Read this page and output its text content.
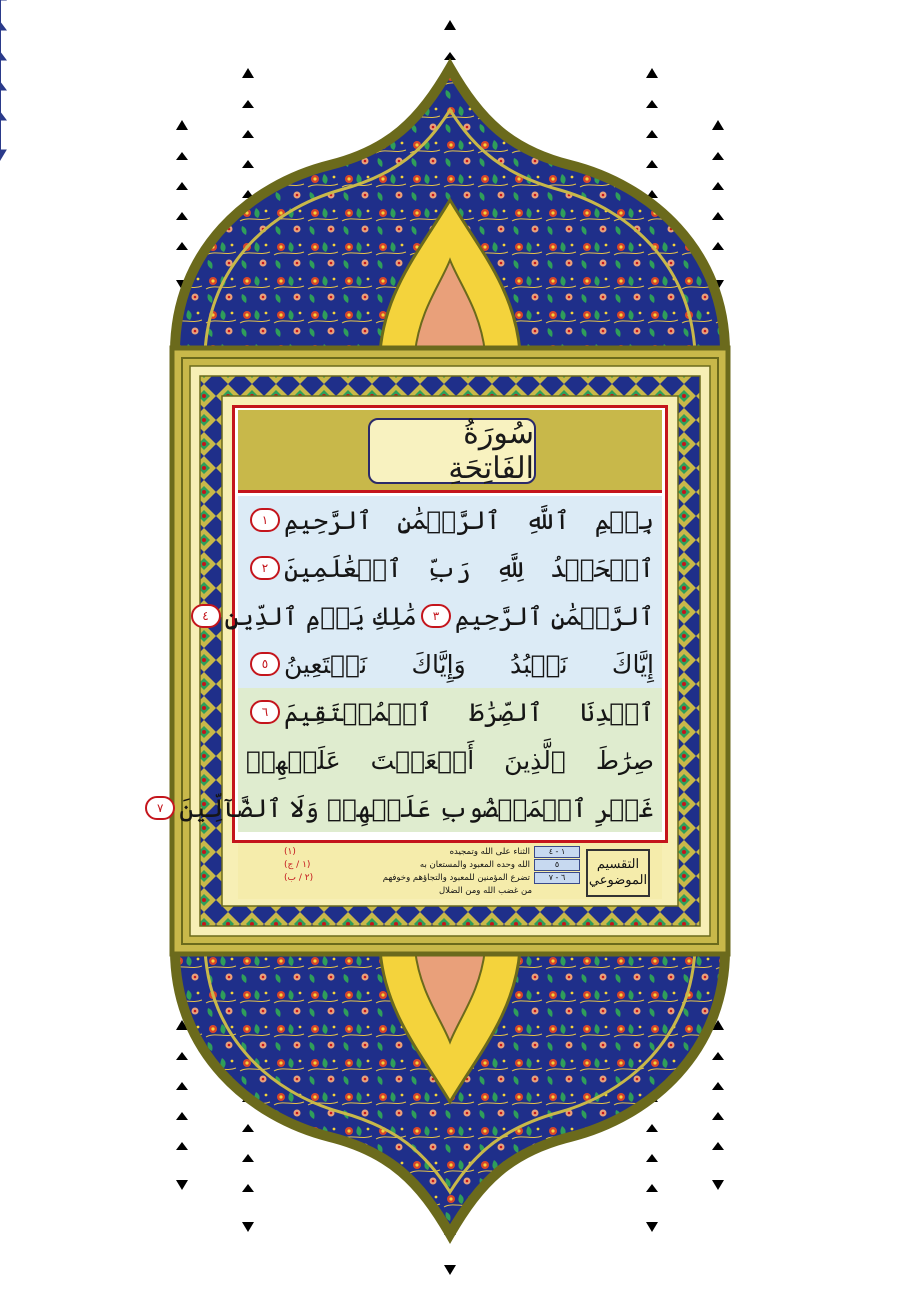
سُورَةُ الفَاتِحَةِ
بِسۡمِ ٱللَّهِ ٱلرَّحۡمَٰنِ ٱلرَّحِيمِ
١
ٱلۡحَمۡدُ لِلَّهِ رَبِّ ٱلۡعَٰلَمِينَ
٢
ٱلرَّحۡمَٰنِ ٱلرَّحِيمِ
٣
مَٰلِكِ يَوۡمِ ٱلدِّينِ
٤
إِيَّاكَ نَعۡبُدُ وَإِيَّاكَ نَسۡتَعِينُ
٥
ٱهۡدِنَا ٱلصِّرَٰطَ ٱلۡمُسۡتَقِيمَ
٦
صِرَٰطَ ٱلَّذِينَ أَنۡعَمۡتَ عَلَيۡهِمۡ
غَيۡرِ ٱلۡمَغۡضُوبِ عَلَيۡهِمۡ وَلَا ٱلضَّآلِّينَ
٧
التقسيم
الموضوعي
١ - ٤
الثناء على الله وتمجيده
٥
الله وحده المعبود والمستعان به
٦ - ٧
تضرع المؤمنين للمعبود والتجاؤهم وخوفهم
من غضب الله ومن الضلال
(١)
(١ / ج)
(٢ / ب)
